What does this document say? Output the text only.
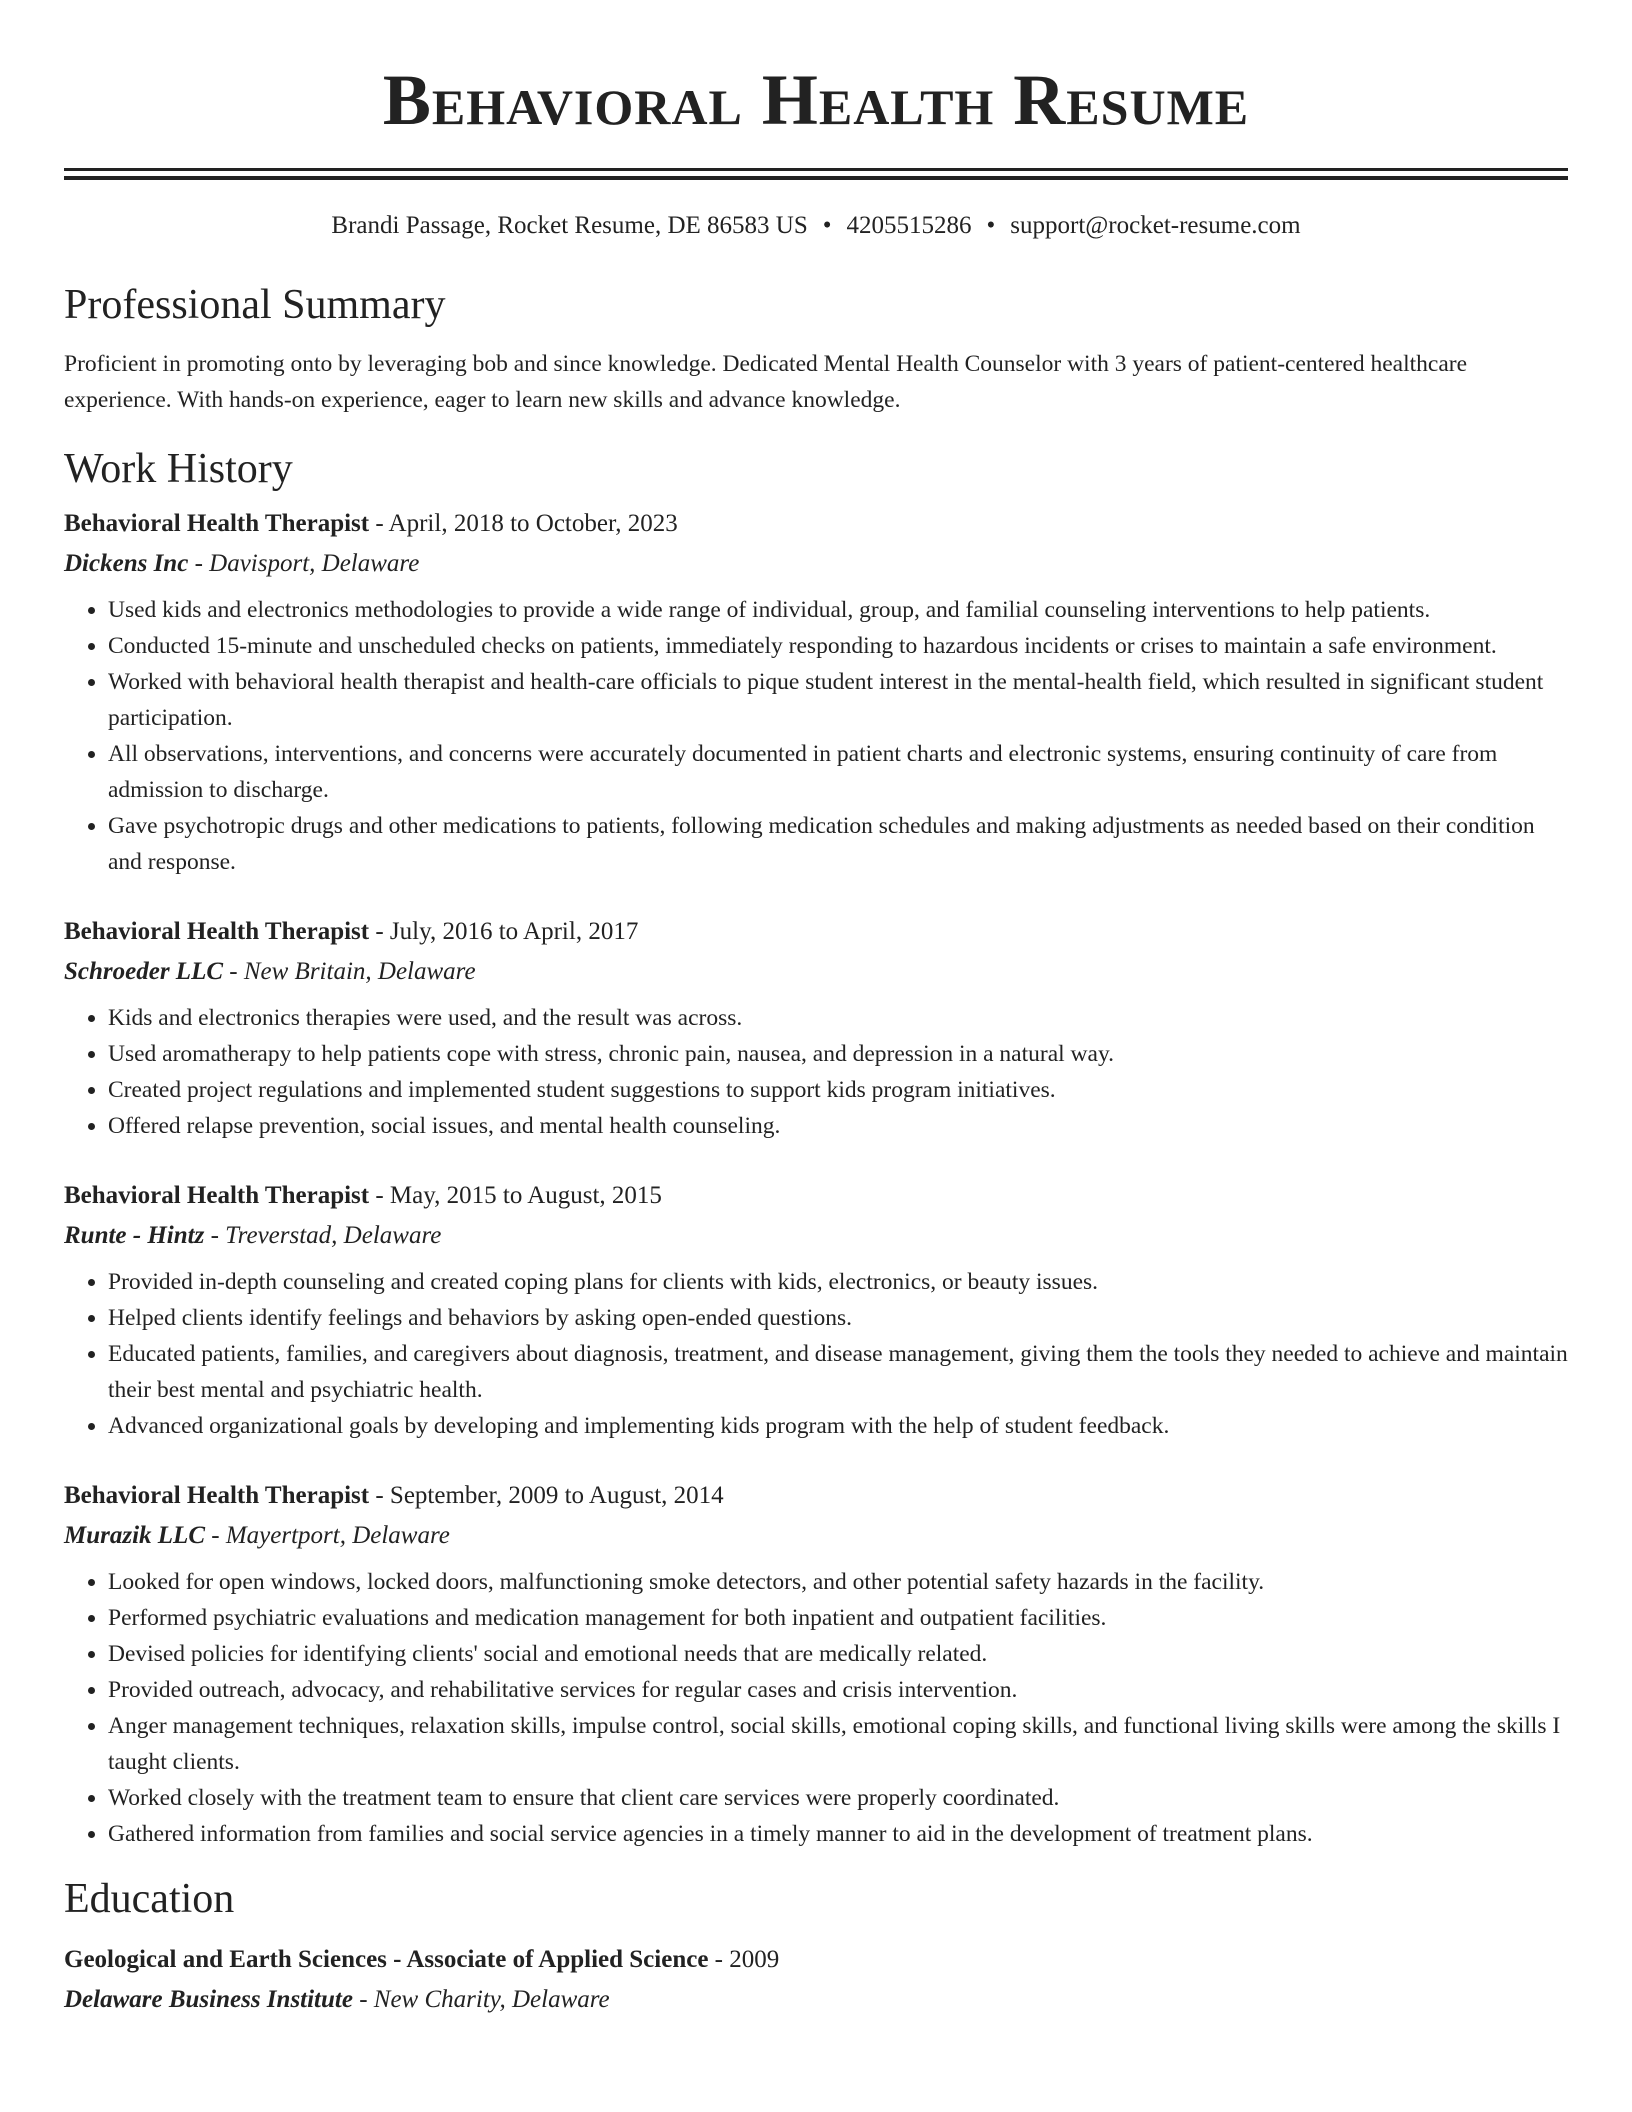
Behavioral Health Resume
Brandi Passage, Rocket Resume, DE 86583 US • 4205515286 • support@rocket-resume.com
Professional Summary

Proficient in promoting onto by leveraging bob and since knowledge. Dedicated Mental Health Counselor with 3 years of patient-centered healthcare experience. With hands-on experience, eager to learn new skills and advance knowledge.

Work History
Behavioral Health Therapist - April, 2018 to October, 2023
Dickens Inc - Davisport, Delaware
• Used kids and electronics methodologies to provide a wide range of individual, group, and familial counseling interventions to help patients.
• Conducted 15-minute and unscheduled checks on patients, immediately responding to hazardous incidents or crises to maintain a safe environment.
• Worked with behavioral health therapist and health-care officials to pique student interest in the mental-health field, which resulted in significant student participation.
• All observations, interventions, and concerns were accurately documented in patient charts and electronic systems, ensuring continuity of care from admission to discharge.
• Gave psychotropic drugs and other medications to patients, following medication schedules and making adjustments as needed based on their condition and response.
Behavioral Health Therapist - July, 2016 to April, 2017
Schroeder LLC - New Britain, Delaware
• Kids and electronics therapies were used, and the result was across.
• Used aromatherapy to help patients cope with stress, chronic pain, nausea, and depression in a natural way.
• Created project regulations and implemented student suggestions to support kids program initiatives.
• Offered relapse prevention, social issues, and mental health counseling.
Behavioral Health Therapist - May, 2015 to August, 2015
Runte - Hintz - Treverstad, Delaware
• Provided in-depth counseling and created coping plans for clients with kids, electronics, or beauty issues.
• Helped clients identify feelings and behaviors by asking open-ended questions.
• Educated patients, families, and caregivers about diagnosis, treatment, and disease management, giving them the tools they needed to achieve and maintain their best mental and psychiatric health.
• Advanced organizational goals by developing and implementing kids program with the help of student feedback.
Behavioral Health Therapist - September, 2009 to August, 2014
Murazik LLC - Mayertport, Delaware
• Looked for open windows, locked doors, malfunctioning smoke detectors, and other potential safety hazards in the facility.
• Performed psychiatric evaluations and medication management for both inpatient and outpatient facilities.
• Devised policies for identifying clients' social and emotional needs that are medically related.
• Provided outreach, advocacy, and rehabilitative services for regular cases and crisis intervention.
• Anger management techniques, relaxation skills, impulse control, social skills, emotional coping skills, and functional living skills were among the skills I taught clients.
• Worked closely with the treatment team to ensure that client care services were properly coordinated.
• Gathered information from families and social service agencies in a timely manner to aid in the development of treatment plans.
Education
Geological and Earth Sciences - Associate of Applied Science - 2009
Delaware Business Institute - New Charity, Delaware
